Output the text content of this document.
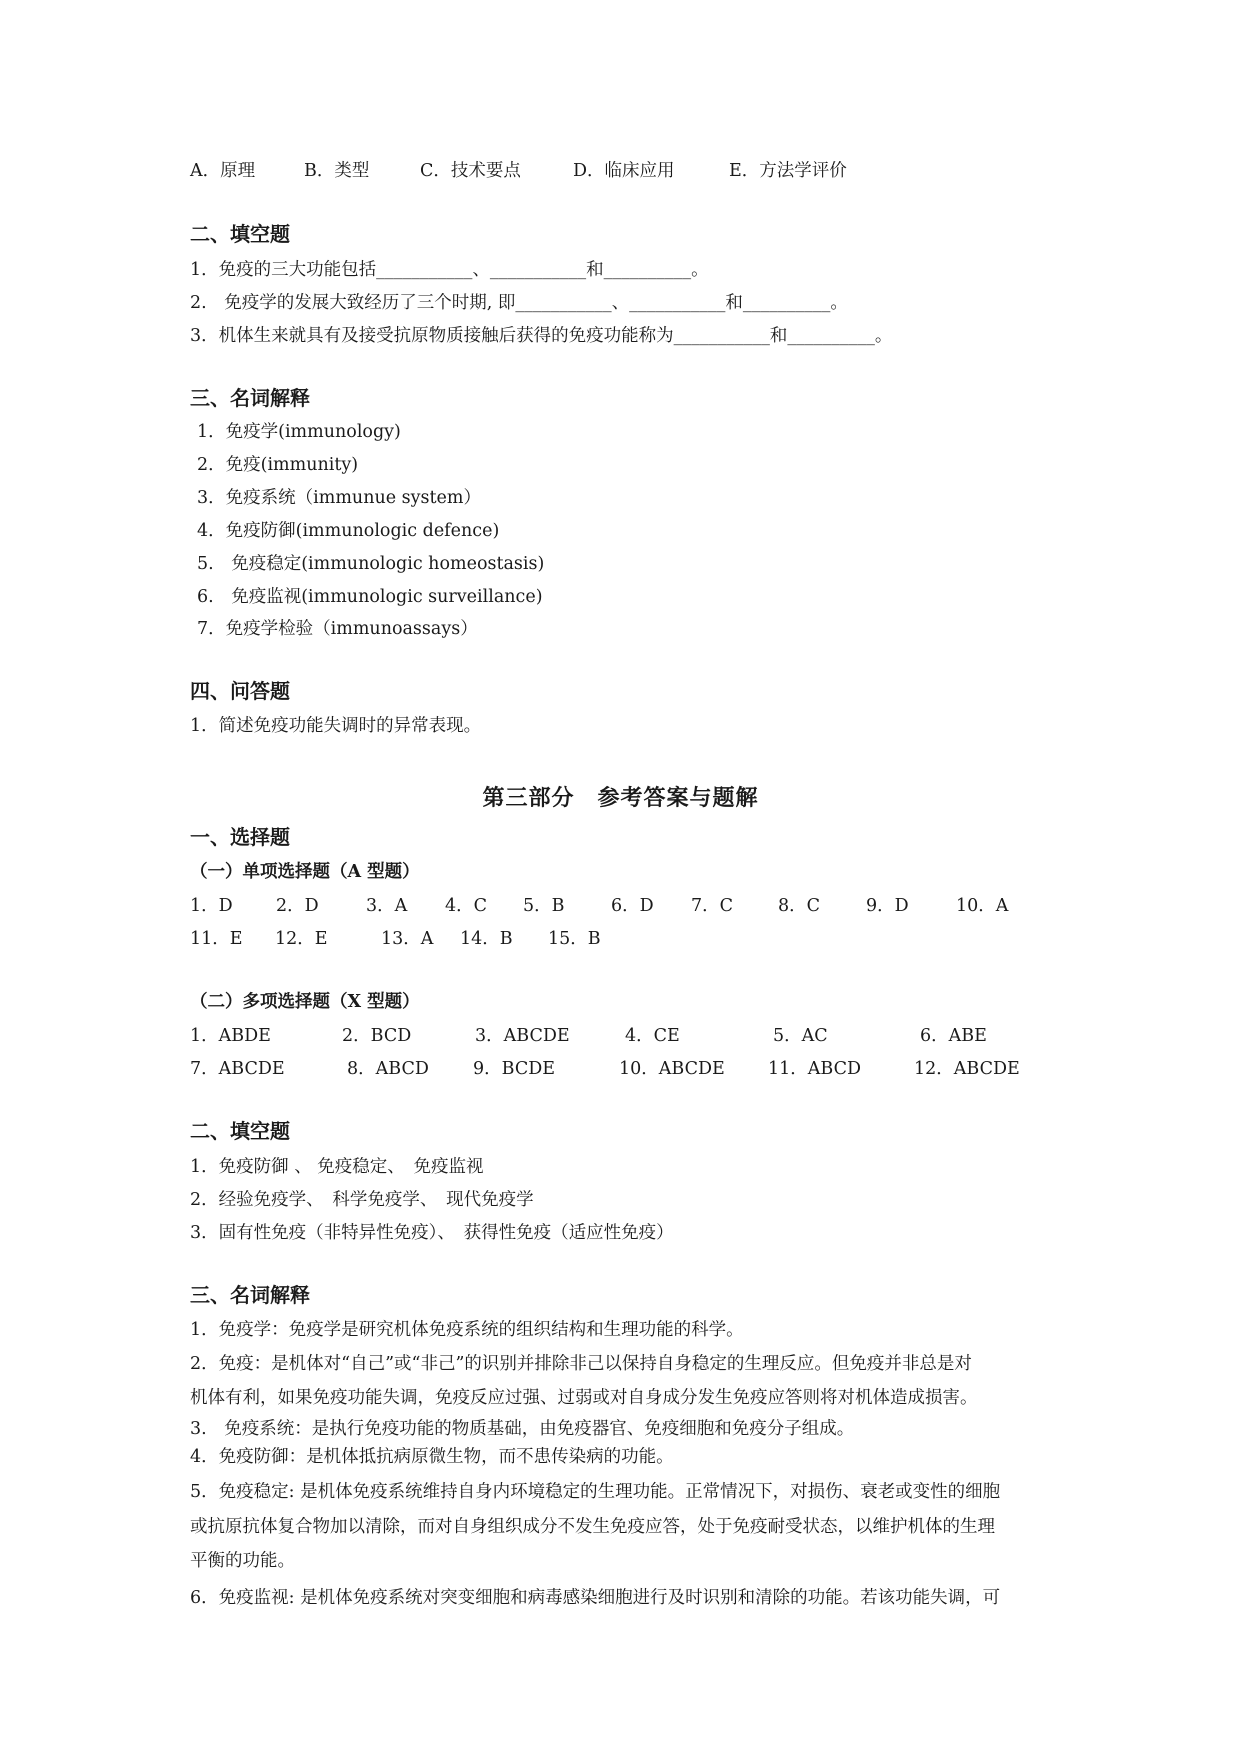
A．原理	B．类型	C．技术要点	D．临床应用	E．方法学评价
二、填空题
1．免疫的三大功能包括___________、___________和__________。
2.　免疫学的发展大致经历了三个时期, 即___________、___________和__________。
3．机体生来就具有及接受抗原物质接触后获得的免疫功能称为___________和__________。
三、名词解释
1．免疫学(immunology)
2．免疫(immunity)
3．免疫系统（immunue system）
4．免疫防御(immunologic defence)
5.　免疫稳定(immunologic homeostasis)
6.　免疫监视(immunologic surveillance)
7．免疫学检验（immunoassays）
四、问答题
1．简述免疫功能失调时的异常表现。
第三部分　参考答案与题解
一、选择题
（一）单项选择题（A 型题）
1．D 2．D	3．A 4．C 5．B	6．D 7．C	8．C	9．D	10．A
11．E 12．E	13．A 14．B 15．B
（二）多项选择题（X 型题）
1．ABDE	2．BCD	3．ABCDE	4．CE	5．AC	6．ABE
7．ABCDE	8．ABCD	9．BCDE	10．ABCDE 11．ABCD	12．ABCDE
二、填空题
1．免疫防御 、 免疫稳定、　免疫监视
2．经验免疫学、　科学免疫学、　现代免疫学
3．固有性免疫（非特异性免疫）、　获得性免疫（适应性免疫）
三、名词解释
1．免疫学：免疫学是研究机体免疫系统的组织结构和生理功能的科学。
2．免疫：是机体对“自己”或“非己”的识别并排除非己以保持自身稳定的生理反应。但免疫并非总是对
机体有利，如果免疫功能失调，免疫反应过强、过弱或对自身成分发生免疫应答则将对机体造成损害。
3.　免疫系统：是执行免疫功能的物质基础，由免疫器官、免疫细胞和免疫分子组成。
4．免疫防御：是机体抵抗病原微生物，而不患传染病的功能。
5．免疫稳定: 是机体免疫系统维持自身内环境稳定的生理功能。正常情况下，对损伤、衰老或变性的细胞
或抗原抗体复合物加以清除，而对自身组织成分不发生免疫应答，处于免疫耐受状态，以维护机体的生理
平衡的功能。
6．免疫监视: 是机体免疫系统对突变细胞和病毒感染细胞进行及时识别和清除的功能。若该功能失调，可
